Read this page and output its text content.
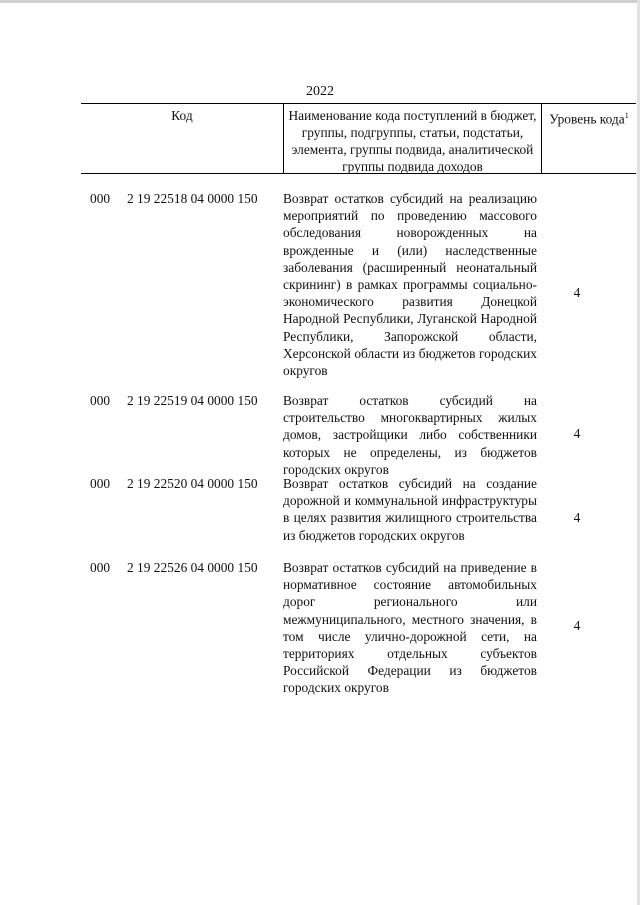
2022
Код	Наименование кода поступлений в бюджет, группы, подгруппы, статьи, подстатьи, элемента, группы подвида, аналитической группы подвида доходов
Уровень кода$^1$
000 2 19 22518 04 0000 150 Возврат остатков субсидий на реализацию мероприятий по проведению массового обследования новорожденных на врожденные и (или) наследственные заболевания (расширенный неонатальный скрининг) в рамках программы социально-экономического развития Донецкой Народной Республики, Луганской Народной Республики, Запорожской области, Херсонской области из бюджетов городских округов
4
000 2 19 22519 04 0000 150 Возврат остатков субсидий на строительство многоквартирных жилых домов, застройщики либо собственники которых не определены, из бюджетов городских округов
4
000 2 19 22520 04 0000 150 Возврат остатков субсидий на создание дорожной и коммунальной инфраструктуры в целях развития жилищного строительства из бюджетов городских округов
4
000 2 19 22526 04 0000 150 Возврат остатков субсидий на приведение в нормативное состояние автомобильных дорог регионального или межмуниципального, местного значения, в том числе улично-дорожной сети, на территориях отдельных субъектов Российской Федерации из бюджетов городских округов
4
